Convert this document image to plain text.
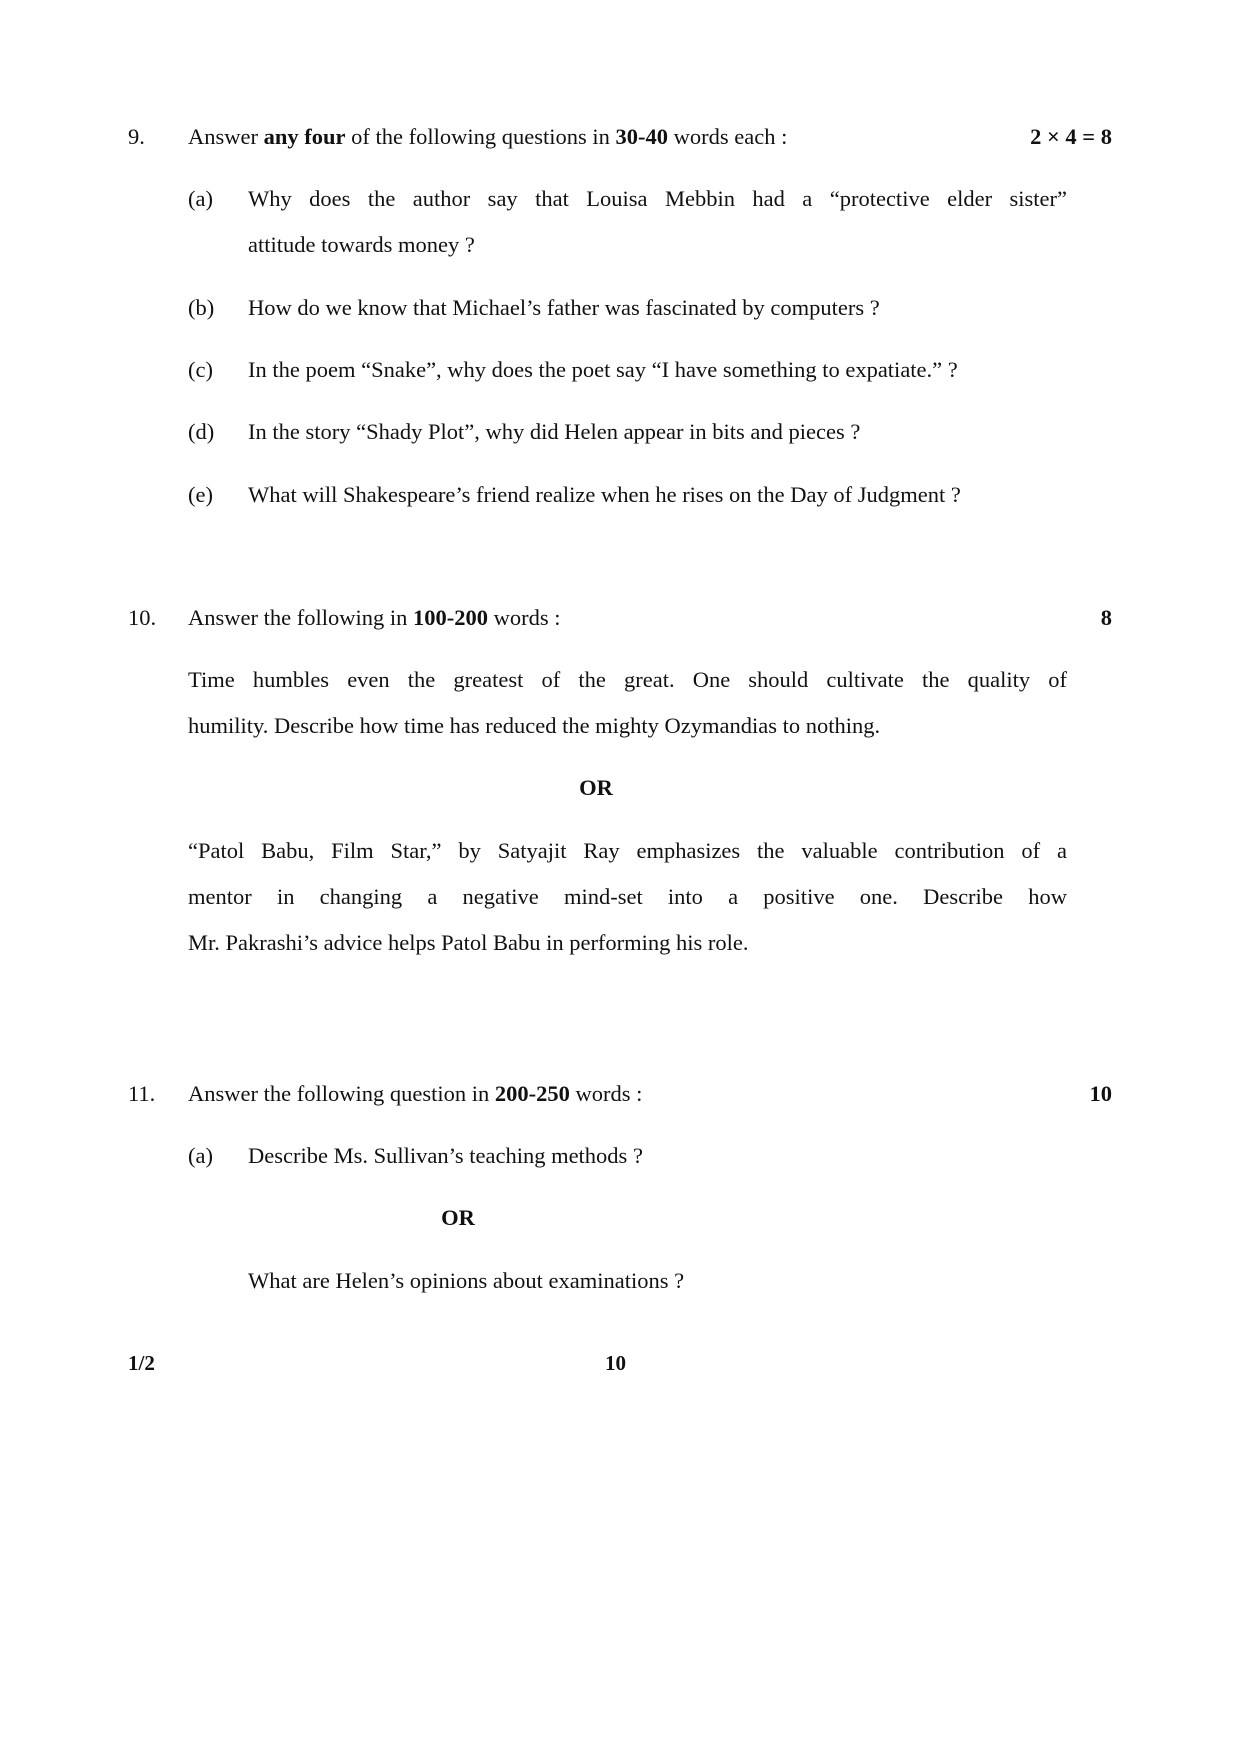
9. Answer any four of the following questions in 30-40 words each :	2 × 4 = 8
(a) Why does the author say that Louisa Mebbin had a “protective elder sister”
attitude towards money ?
(b) How do we know that Michael’s father was fascinated by computers ?
(c) In the poem “Snake”, why does the poet say “I have something to expatiate.” ?
(d) In the story “Shady Plot”, why did Helen appear in bits and pieces ?
(e) What will Shakespeare’s friend realize when he rises on the Day of Judgment ?
10. Answer the following in 100-200 words :	8
Time humbles even the greatest of the great. One should cultivate the quality of
humility. Describe how time has reduced the mighty Ozymandias to nothing.
OR
“Patol Babu, Film Star,” by Satyajit Ray emphasizes the valuable contribution of a
mentor in changing a negative mind-set into a positive one. Describe how
Mr. Pakrashi’s advice helps Patol Babu in performing his role.
11. Answer the following question in 200-250 words :	10
(a) Describe Ms. Sullivan’s teaching methods ?
OR
What are Helen’s opinions about examinations ?
1/2	10
